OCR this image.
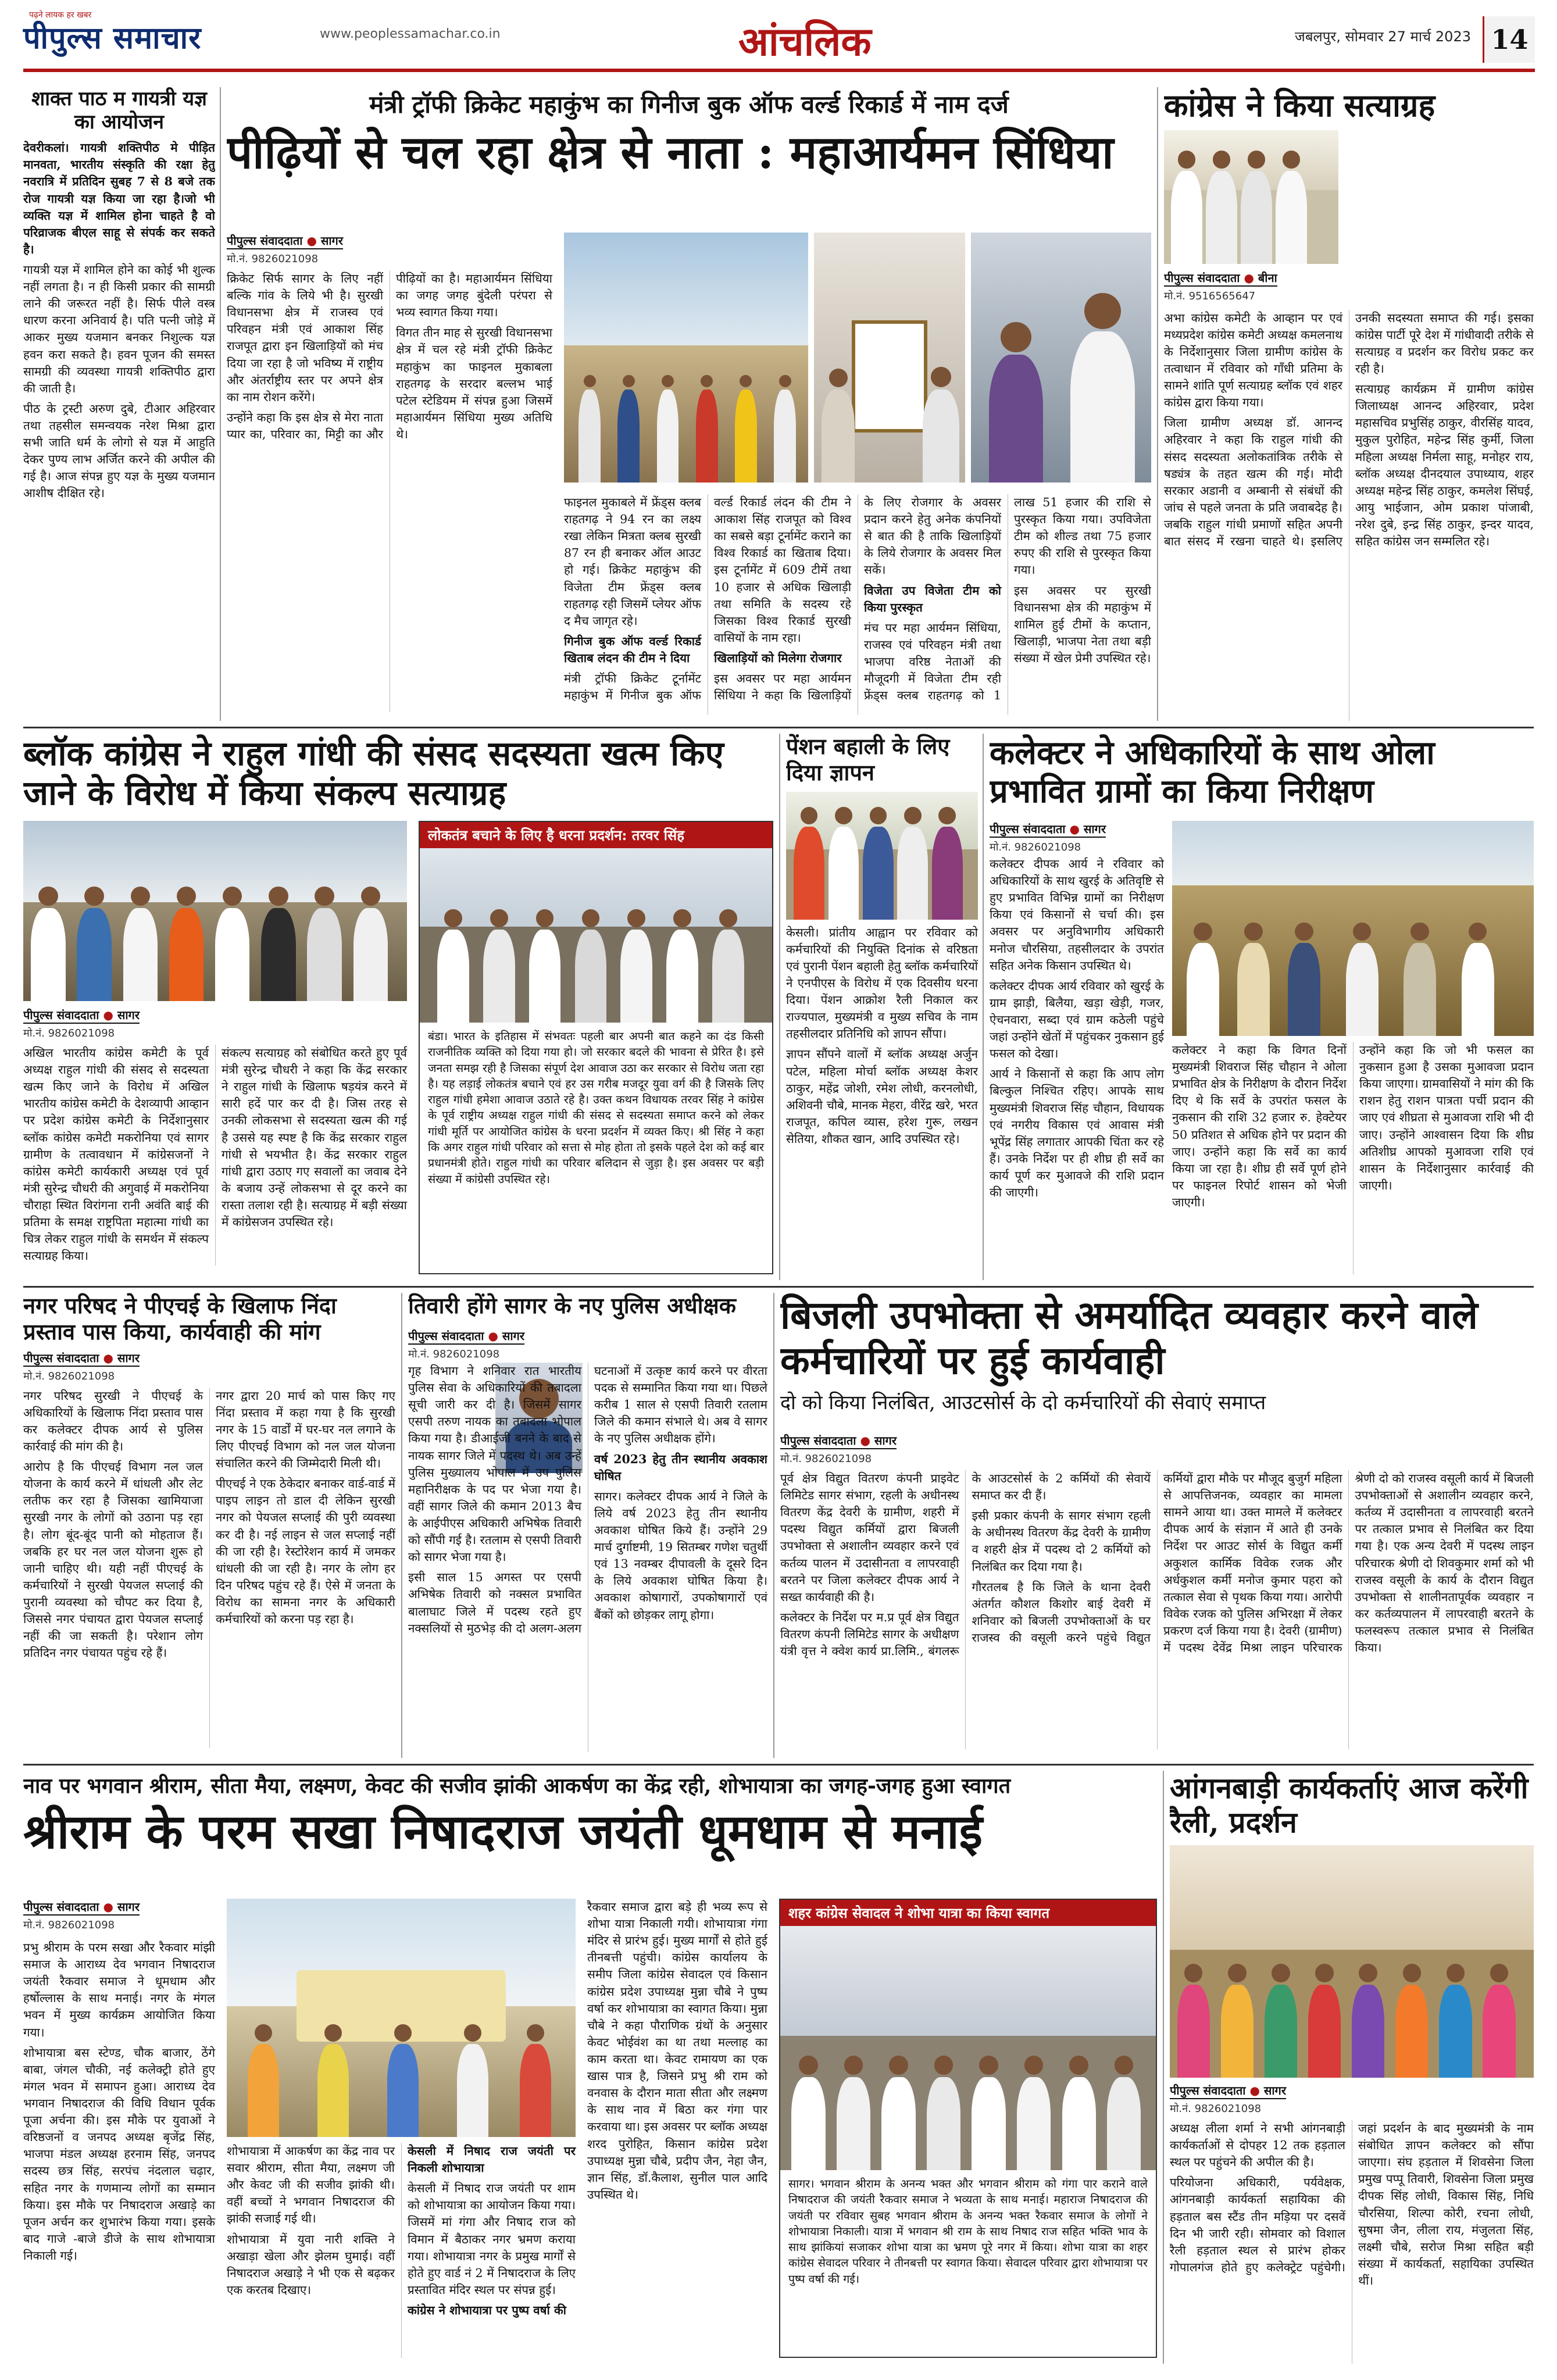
पढ़ने लायक हर खबर
पीपुल्स समाचार	www.peoplessamachar.co.in	आंचलिक	जबलपुर, सोमवार 27 मार्च 2023 14
शाक्त पाठ म गायत्री यज्ञ का आयोजन

देवरीकलां। गायत्री शक्तिपीठ मे पीड़ित मानवता, भारतीय संस्कृति की रक्षा हेतु नवरात्रि में प्रतिदिन सुबह 7 से 8 बजे तक रोज गायत्री यज्ञ किया जा रहा है।जो भी व्यक्ति यज्ञ में शामिल होना चाहते है वो परिव्राजक बीएल साहू से संपर्क कर सकते है।

गायत्री यज्ञ में शामिल होने का कोई भी शुल्क नहीं लगता है। न ही किसी प्रकार की सामग्री लाने की जरूरत नहीं है। सिर्फ पीले वस्त्र धारण करना अनिवार्य है। पति पत्नी जोड़े में आकर मुख्य यजमान बनकर निशुल्क यज्ञ हवन करा सकते है। हवन पूजन की समस्त सामग्री की व्यवस्था गायत्री शक्तिपीठ द्वारा की जाती है।

पीठ के ट्रस्टी अरुण दुबे, टीआर अहिरवार तथा तहसील समन्वयक नरेश मिश्रा द्वारा सभी जाति धर्म के लोगो से यज्ञ में आहुति देकर पुण्य लाभ अर्जित करने की अपील की गई है। आज संपन्न हुए यज्ञ के मुख्य यजमान आशीष दीक्षित रहे।

मंत्री ट्रॉफी क्रिकेट महाकुंभ का गिनीज बुक ऑफ वर्ल्ड रिकार्ड में नाम दर्ज
पीढ़ियों से चल रहा क्षेत्र से नाता : महाआर्यमन सिंधिया
पीपुल्स संवाददाता ● सागर
मो.नं. 9826021098

क्रिकेट सिर्फ सागर के लिए नहीं बल्कि गांव के लिये भी है। सुरखी विधानसभा क्षेत्र में राजस्व एवं परिवहन मंत्री एवं आकाश सिंह राजपूत द्वारा इन खिलाड़ियों को मंच दिया जा रहा है जो भविष्य में राष्ट्रीय और अंतर्राष्ट्रीय स्तर पर अपने क्षेत्र का नाम रोशन करेंगे।

उन्होंने कहा कि इस क्षेत्र से मेरा नाता प्यार का, परिवार का, मिट्टी का और पीढ़ियों का है। महाआर्यमन सिंधिया का जगह जगह बुंदेली परंपरा से भव्य स्वागत किया गया।

विगत तीन माह से सुरखी विधानसभा क्षेत्र में चल रहे मंत्री ट्रॉफी क्रिकेट महाकुंभ का फाइनल मुकाबला राहतगढ़ के सरदार बल्लभ भाई पटेल स्टेडियम में संपन्न हुआ जिसमें महाआर्यमन सिंधिया मुख्य अतिथि थे।

फाइनल मुकाबले में फ्रेंड्स क्लब राहतगढ़ ने 94 रन का लक्ष्य रखा लेकिन मित्रता क्लब सुरखी 87 रन ही बनाकर ऑल आउट हो गई। क्रिकेट महाकुंभ की विजेता टीम फ्रेंड्स क्लब राहतगढ़ रही जिसमें प्लेयर ऑफ द मैच जागृत रहे।

गिनीज बुक ऑफ वर्ल्ड रिकार्ड खिताब लंदन की टीम ने दिया

मंत्री ट्रॉफी क्रिकेट टूर्नामेंट महाकुंभ में गिनीज बुक ऑफ वर्ल्ड रिकार्ड लंदन की टीम ने आकाश सिंह राजपूत को विश्व का सबसे बड़ा टूर्नामेंट कराने का विश्व रिकार्ड का खिताब दिया। इस टूर्नामेंट में 609 टीमें तथा 10 हजार से अधिक खिलाड़ी तथा समिति के सदस्य रहे जिसका विश्व रिकार्ड सुरखी वासियों के नाम रहा।

खिलाड़ियों को मिलेगा रोजगार

इस अवसर पर महा आर्यमन सिंधिया ने कहा कि खिलाड़ियों के लिए रोजगार के अवसर प्रदान करने हेतु अनेक कंपनियों से बात की है ताकि खिलाड़ियों के लिये रोजगार के अवसर मिल सकें।

विजेता उप विजेता टीम को किया पुरस्कृत

मंच पर महा आर्यमन सिंधिया, राजस्व एवं परिवहन मंत्री तथा भाजपा वरिष्ठ नेताओं की मौजूदगी में विजेता टीम रही फ्रेंड्स क्लब राहतगढ़ को 1 लाख 51 हजार की राशि से पुरस्कृत किया गया। उपविजेता टीम को शील्ड तथा 75 हजार रुपए की राशि से पुरस्कृत किया गया।

इस अवसर पर सुरखी विधानसभा क्षेत्र की महाकुंभ में शामिल हुई टीमों के कप्तान, खिलाड़ी, भाजपा नेता तथा बड़ी संख्या में खेल प्रेमी उपस्थित रहे।

कांग्रेस ने किया सत्याग्रह
पीपुल्स संवाददाता ● बीना
मो.नं. 9516565647

अभा कांग्रेस कमेटी के आव्हान पर एवं मध्यप्रदेश कांग्रेस कमेटी अध्यक्ष कमलनाथ के निर्देशानुसार जिला ग्रामीण कांग्रेस के तत्वाधान में रविवार को गाँधी प्रतिमा के सामने शांति पूर्ण सत्याग्रह ब्लॉक एवं शहर कांग्रेस द्वारा किया गया।

जिला ग्रामीण अध्यक्ष डॉ. आनन्द अहिरवार ने कहा कि राहुल गांधी की संसद सदस्यता अलोकतांत्रिक तरीके से षड्यंत्र के तहत खत्म की गई। मोदी सरकार अडानी व अम्बानी से संबंधों की जांच से पहले जनता के प्रति जवाबदेह है। जबकि राहुल गांधी प्रमाणों सहित अपनी बात संसद में रखना चाहते थे। इसलिए उनकी सदस्यता समाप्त की गई। इसका कांग्रेस पार्टी पूरे देश में गांधीवादी तरीके से सत्याग्रह व प्रदर्शन कर विरोध प्रकट कर रही है।

सत्याग्रह कार्यक्रम में ग्रामीण कांग्रेस जिलाध्यक्ष आनन्द अहिरवार, प्रदेश महासचिव प्रभुसिंह ठाकुर, वीरसिंह यादव, मुकुल पुरोहित, महेन्द्र सिंह कुर्मी, जिला महिला अध्यक्ष निर्मला साहू, मनोहर राय, ब्लॉक अध्यक्ष दीनदयाल उपाध्याय, शहर अध्यक्ष महेन्द्र सिंह ठाकुर, कमलेश सिंघई, आयु भाईजान, ओम प्रकाश पांजाबी, नरेश दुबे, इन्द्र सिंह ठाकुर, इन्दर यादव, सहित कांग्रेस जन सम्मलित रहे।

ब्लॉक कांग्रेस ने राहुल गांधी की संसद सदस्यता खत्म किए जाने के विरोध में किया संकल्प सत्याग्रह
पीपुल्स संवाददाता ● सागर
मो.नं. 9826021098

अखिल भारतीय कांग्रेस कमेटी के पूर्व अध्यक्ष राहुल गांधी की संसद से सदस्यता खत्म किए जाने के विरोध में अखिल भारतीय कांग्रेस कमेटी के देशव्यापी आव्हान पर प्रदेश कांग्रेस कमेटी के निर्देशानुसार ब्लॉक कांग्रेस कमेटी मकरोनिया एवं सागर ग्रामीण के तत्वावधान में कांग्रेसजनों ने कांग्रेस कमेटी कार्यकारी अध्यक्ष एवं पूर्व मंत्री सुरेन्द्र चौधरी की अगुवाई में मकरोनिया चौराहा स्थित विरांगना रानी अवंति बाई की प्रतिमा के समक्ष राष्ट्रपिता महात्मा गांधी का चित्र लेकर राहुल गांधी के समर्थन में संकल्प सत्याग्रह किया।

संकल्प सत्याग्रह को संबोधित करते हुए पूर्व मंत्री सुरेन्द्र चौधरी ने कहा कि केंद्र सरकार ने राहुल गांधी के खिलाफ षड़यंत्र करने में सारी हदें पार कर दी है। जिस तरह से उनकी लोकसभा से सदस्यता खत्म की गई है उससे यह स्पष्ट है कि केंद्र सरकार राहुल गांधी से भयभीत है। केंद्र सरकार राहुल गांधी द्वारा उठाए गए सवालों का जवाब देने के बजाय उन्हें लोकसभा से दूर करने का रास्ता तलाश रही है। सत्याग्रह में बड़ी संख्या में कांग्रेसजन उपस्थित रहे।

लोकतंत्र बचाने के लिए है धरना प्रदर्शन: तरवर सिंह
बंडा। भारत के इतिहास में संभवतः पहली बार अपनी बात कहने का दंड किसी राजनीतिक व्यक्ति को दिया गया हो। जो सरकार बदले की भावना से प्रेरित है। इसे जनता समझ रही है जिसका संपूर्ण देश आवाज उठा कर सरकार से विरोध जता रहा है। यह लड़ाई लोकतंत्र बचाने एवं हर उस गरीब मजदूर युवा वर्ग की है जिसके लिए राहुल गांधी हमेशा आवाज उठाते रहे है। उक्त कथन विधायक तरवर सिंह ने कांग्रेस के पूर्व राष्ट्रीय अध्यक्ष राहुल गांधी की संसद से सदस्यता समाप्त करने को लेकर गांधी मूर्ति पर आयोजित कांग्रेस के धरना प्रदर्शन में व्यक्त किए। श्री सिंह ने कहा कि अगर राहुल गांधी परिवार को सत्ता से मोह होता तो इसके पहले देश को कई बार प्रधानमंत्री होते। राहुल गांधी का परिवार बलिदान से जुड़ा है। इस अवसर पर बड़ी संख्या में कांग्रेसी उपस्थित रहे।
पेंशन बहाली के लिए दिया ज्ञापन

केसली। प्रांतीय आह्वान पर रविवार को कर्मचारियों की नियुक्ति दिनांक से वरिष्ठता एवं पुरानी पेंशन बहाली हेतु ब्लॉक कर्मचारियों ने एनपीएस के विरोध में एक दिवसीय धरना दिया। पेंशन आक्रोश रैली निकाल कर राज्यपाल, मुख्यमंत्री व मुख्य सचिव के नाम तहसीलदार प्रतिनिधि को ज्ञापन सौंपा।

ज्ञापन सौंपने वालों में ब्लॉक अध्यक्ष अर्जुन पटेल, महिला मोर्चा ब्लॉक अध्यक्ष केशर ठाकुर, महेंद्र जोशी, रमेश लोधी, करनलोधी, अशिवनी चौबे, मानक मेहरा, वीरेंद्र खरे, भरत राजपूत, कपिल व्यास, हरेश गुरू, लखन सेतिया, शौकत खान, आदि उपस्थित रहे।

कलेक्टर ने अधिकारियों के साथ ओला प्रभावित ग्रामों का किया निरीक्षण
पीपुल्स संवाददाता ● सागर
मो.नं. 9826021098

कलेक्टर दीपक आर्य ने रविवार को अधिकारियों के साथ खुरई के अतिवृष्टि से हुए प्रभावित विभिन्न ग्रामों का निरीक्षण किया एवं किसानों से चर्चा की। इस अवसर पर अनुविभागीय अधिकारी मनोज चौरसिया, तहसीलदार के उपरांत सहित अनेक किसान उपस्थित थे।

कलेक्टर दीपक आर्य रविवार को खुरई के ग्राम झाड़ी, बिलैया, खड़ा खेड़ी, गजर, ऐचनवारा, सब्दा एवं ग्राम कठेली पहुंचे जहां उन्होंने खेतों में पहुंचकर नुकसान हुई फसल को देखा।

आर्य ने किसानों से कहा कि आप लोग बिल्कुल निश्चित रहिए। आपके साथ मुख्यमंत्री शिवराज सिंह चौहान, विधायक एवं नगरीय विकास एवं आवास मंत्री भूपेंद्र सिंह लगातार आपकी चिंता कर रहे हैं। उनके निर्देश पर ही शीघ्र ही सर्वे का कार्य पूर्ण कर मुआवजे की राशि प्रदान की जाएगी।

कलेक्टर ने कहा कि विगत दिनों मुख्यमंत्री शिवराज सिंह चौहान ने ओला प्रभावित क्षेत्र के निरीक्षण के दौरान निर्देश दिए थे कि सर्वे के उपरांत फसल के नुकसान की राशि 32 हजार रु. हेक्टेयर 50 प्रतिशत से अधिक होने पर प्रदान की जाए। उन्होंने कहा कि सर्वे का कार्य किया जा रहा है। शीघ्र ही सर्वे पूर्ण होने पर फाइनल रिपोर्ट शासन को भेजी जाएगी।

उन्होंने कहा कि जो भी फसल का नुकसान हुआ है उसका मुआवजा प्रदान किया जाएगा। ग्रामवासियों ने मांग की कि राशन हेतु राशन पात्रता पर्ची प्रदान की जाए एवं शीघ्रता से मुआवजा राशि भी दी जाए। उन्होंने आश्वासन दिया कि शीघ्र अतिशीघ्र आपको मुआवजा राशि एवं शासन के निर्देशानुसार कार्रवाई की जाएगी।

नगर परिषद ने पीएचई के खिलाफ निंदा प्रस्ताव पास किया, कार्यवाही की मांग
पीपुल्स संवाददाता ● सागर
मो.नं. 9826021098

नगर परिषद सुरखी ने पीएचई के अधिकारियों के खिलाफ निंदा प्रस्ताव पास कर कलेक्टर दीपक आर्य से पुलिस कार्रवाई की मांग की है।

आरोप है कि पीएचई विभाग नल जल योजना के कार्य करने में धांधली और लेट लतीफ कर रहा है जिसका खामियाजा सुरखी नगर के लोगों को उठाना पड़ रहा है। लोग बूंद-बूंद पानी को मोहताज हैं। जबकि हर घर नल जल योजना शुरू हो जानी चाहिए थी। यही नहीं पीएचई के कर्मचारियों ने सुरखी पेयजल सप्लाई की पुरानी व्यवस्था को चौपट कर दिया है, जिससे नगर पंचायत द्वारा पेयजल सप्लाई नहीं की जा सकती है। परेशान लोग प्रतिदिन नगर पंचायत पहुंच रहे हैं।

नगर द्वारा 20 मार्च को पास किए गए निंदा प्रस्ताव में कहा गया है कि सुरखी नगर के 15 वार्डों में घर-घर नल लगाने के लिए पीएचई विभाग को नल जल योजना संचालित करने की जिम्मेदारी मिली थी।

पीएचई ने एक ठेकेदार बनाकर वार्ड-वार्ड में पाइप लाइन तो डाल दी लेकिन सुरखी नगर को पेयजल सप्लाई की पुरी व्यवस्था कर दी है। नई लाइन से जल सप्लाई नहीं की जा रही है। रेस्टोरेशन कार्य में जमकर धांधली की जा रही है। नगर के लोग हर दिन परिषद पहुंच रहे हैं। ऐसे में जनता के विरोध का सामना नगर के अधिकारी कर्मचारियों को करना पड़ रहा है।

तिवारी होंगे सागर के नए पुलिस अधीक्षक
पीपुल्स संवाददाता ● सागर
मो.नं. 9826021098

गृह विभाग ने शनिवार रात भारतीय पुलिस सेवा के अधिकारियों की तबादला सूची जारी कर दी है। जिसमें सागर एसपी तरुण नायक का तबादला भोपाल किया गया है। डीआईजी बनने के बाद से नायक सागर जिले में पदस्थ थे। अब उन्हें पुलिस मुख्यालय भोपाल में उप पुलिस महानिरीक्षक के पद पर भेजा गया है। वहीं सागर जिले की कमान 2013 बैच के आईपीएस अधिकारी अभिषेक तिवारी को सौंपी गई है। रतलाम से एसपी तिवारी को सागर भेजा गया है।

इसी साल 15 अगस्त पर एसपी अभिषेक तिवारी को नक्सल प्रभावित बालाघाट जिले में पदस्थ रहते हुए नक्सलियों से मुठभेड़ की दो अलग-अलग घटनाओं में उत्कृष्ट कार्य करने पर वीरता पदक से सम्मानित किया गया था। पिछले करीब 1 साल से एसपी तिवारी रतलाम जिले की कमान संभाले थे। अब वे सागर के नए पुलिस अधीक्षक होंगे।

वर्ष 2023 हेतु तीन स्थानीय अवकाश घोषित

सागर। कलेक्टर दीपक आर्य ने जिले के लिये वर्ष 2023 हेतु तीन स्थानीय अवकाश घोषित किये हैं। उन्होंने 29 मार्च दुर्गाष्टमी, 19 सितम्बर गणेश चतुर्थी एवं 13 नवम्बर दीपावली के दूसरे दिन के लिये अवकाश घोषित किया है। अवकाश कोषागारों, उपकोषागारों एवं बैंकों को छोड़कर लागू होगा।

बिजली उपभोक्ता से अमर्यादित व्यवहार करने वाले कर्मचारियों पर हुई कार्यवाही
दो को किया निलंबित, आउटसोर्स के दो कर्मचारियों की सेवाएं समाप्त
पीपुल्स संवाददाता ● सागर
मो.नं. 9826021098

पूर्व क्षेत्र विद्युत वितरण कंपनी प्राइवेट लिमिटेड सागर संभाग, रहली के अधीनस्थ वितरण केंद्र देवरी के ग्रामीण, शहरी में पदस्थ विद्युत कर्मियों द्वारा बिजली उपभोक्ता से अशालीन व्यवहार करने एवं कर्तव्य पालन में उदासीनता व लापरवाही बरतने पर जिला कलेक्टर दीपक आर्य ने सख्त कार्यवाही की है।

कलेक्टर के निर्देश पर म.प्र पूर्व क्षेत्र विद्युत वितरण कंपनी लिमिटेड सागर के अधीक्षण यंत्री वृत्त ने क्वेश कार्य प्रा.लिमि., बंगलरू के आउटसोर्स के 2 कर्मियों की सेवायें समाप्त कर दी हैं।

इसी प्रकार कंपनी के सागर संभाग रहली के अधीनस्थ वितरण केंद्र देवरी के ग्रामीण व शहरी क्षेत्र में पदस्थ दो 2 कर्मियों को निलंबित कर दिया गया है।

गौरतलब है कि जिले के थाना देवरी अंतर्गत कौशल किशोर बाई देवरी में शनिवार को बिजली उपभोक्ताओं के घर राजस्व की वसूली करने पहुंचे विद्युत कर्मियों द्वारा मौके पर मौजूद बुजुर्ग महिला से आपत्तिजनक, व्यवहार का मामला सामने आया था। उक्त मामले में कलेक्टर दीपक आर्य के संज्ञान में आते ही उनके निर्देश पर आउट सोर्स के विद्युत कर्मी अकुशल कार्मिक विवेक रजक और अर्धकुशल कर्मी मनोज कुमार पहरा को तत्काल सेवा से पृथक किया गया। आरोपी विवेक रजक को पुलिस अभिरक्षा में लेकर प्रकरण दर्ज किया गया है। देवरी (ग्रामीण) में पदस्थ देवेंद्र मिश्रा लाइन परिचारक श्रेणी दो को राजस्व वसूली कार्य में बिजली उपभोक्ताओं से अशालीन व्यवहार करने, कर्तव्य में उदासीनता व लापरवाही बरतने पर तत्काल प्रभाव से निलंबित कर दिया गया है। एक अन्य देवरी में पदस्थ लाइन परिचारक श्रेणी दो शिवकुमार शर्मा को भी राजस्व वसूली के कार्य के दौरान विद्युत उपभोक्ता से शालीनतापूर्वक व्यवहार न कर कर्तव्यपालन में लापरवाही बरतने के फलस्वरूप तत्काल प्रभाव से निलंबित किया।

नाव पर भगवान श्रीराम, सीता मैया, लक्ष्मण, केवट की सजीव झांकी आकर्षण का केंद्र रही, शोभायात्रा का जगह-जगह हुआ स्वागत
श्रीराम के परम सखा निषादराज जयंती धूमधाम से मनाई
पीपुल्स संवाददाता ● सागर
मो.नं. 9826021098

प्रभु श्रीराम के परम सखा और रैकवार मांझी समाज के आराध्य देव भगवान निषादराज जयंती रैकवार समाज ने धूमधाम और हर्षोल्लास के साथ मनाई। नगर के मंगल भवन में मुख्य कार्यक्रम आयोजित किया गया।

शोभायात्रा बस स्टेण्ड, चौक बाजार, ठेंगे बाबा, जंगल चौकी, नई कलेक्ट्री होते हुए मंगल भवन में समापन हुआ। आराध्य देव भगवान निषादराज की विधि विधान पूर्वक पूजा अर्चना की। इस मौके पर युवाओं ने वरिष्ठजनों व जनपद अध्यक्ष बृजेंद्र सिंह, भाजपा मंडल अध्यक्ष हरनाम सिंह, जनपद सदस्य छत्र सिंह, सरपंच नंदलाल चढ़ार, सहित नगर के गणमान्य लोगों का सम्मान किया। इस मौके पर निषादराज अखाड़े का पूजन अर्चन कर शुभारंभ किया गया। इसके बाद गाजे -बाजे डीजे के साथ शोभायात्रा निकाली गई।

शोभायात्रा में आकर्षण का केंद्र नाव पर सवार श्रीराम, सीता मैया, लक्ष्मण जी और केवट जी की सजीव झांकी थी। वहीं बच्चों ने भगवान निषादराज की झांकी सजाई गई थी।

शोभायात्रा में युवा नारी शक्ति ने अखाड़ा खेला और झेलम घुमाई। वहीं निषादराज अखाड़े ने भी एक से बढ़कर एक करतब दिखाए।

केसली में निषाद राज जयंती पर निकली शोभायात्रा

केसली में निषाद राज जयंती पर शाम को शोभायात्रा का आयोजन किया गया। जिसमें मां गंगा और निषाद राज को विमान में बैठाकर नगर भ्रमण कराया गया। शोभायात्रा नगर के प्रमुख मार्गों से होते हुए वार्ड नं 2 में निषादराज के लिए प्रस्तावित मंदिर स्थल पर संपन्न हुई।

कांग्रेस ने शोभायात्रा पर पुष्प वर्षा की

रैकवार समाज द्वारा बड़े ही भव्य रूप से शोभा यात्रा निकाली गयी। शोभायात्रा गंगा मंदिर से प्रारंभ हुई। मुख्य मार्गों से होते हुई तीनबत्ती पहुंची। कांग्रेस कार्यालय के समीप जिला कांग्रेस सेवादल एवं किसान कांग्रेस प्रदेश उपाध्यक्ष मुन्ना चौबे ने पुष्प वर्षा कर शोभायात्रा का स्वागत किया। मुन्ना चौबे ने कहा पौराणिक ग्रंथों के अनुसार केवट भोईवंश का था तथा मल्लाह का काम करता था। केवट रामायण का एक खास पात्र है, जिसने प्रभु श्री राम को वनवास के दौरान माता सीता और लक्ष्मण के साथ नाव में बिठा कर गंगा पार करवाया था। इस अवसर पर ब्लॉक अध्यक्ष शरद पुरोहित, किसान कांग्रेस प्रदेश उपाध्यक्ष मुन्ना चौबे, प्रदीप जैन, नेहा जैन, ज्ञान सिंह, डॉ.कैलाश, सुनील पाल आदि उपस्थित थे।

शहर कांग्रेस सेवादल ने शोभा यात्रा का किया स्वागत
सागर। भगवान श्रीराम के अनन्य भक्त और भगवान श्रीराम को गंगा पार कराने वाले निषादराज की जयंती रैकवार समाज ने भव्यता के साथ मनाई। महाराज निषादराज की जयंती पर रविवार सुबह भगवान श्रीराम के अनन्य भक्त रैकवार समाज के लोगों ने शोभायात्रा निकाली। यात्रा में भगवान श्री राम के साथ निषाद राज सहित भक्ति भाव के साथ झांकियां सजाकर शोभा यात्रा का भ्रमण पूरे नगर में किया। शोभा यात्रा का शहर कांग्रेस सेवादल परिवार ने तीनबत्ती पर स्वागत किया। सेवादल परिवार द्वारा शोभायात्रा पर पुष्प वर्षा की गई।
आंगनबाड़ी कार्यकर्ताएं आज करेंगी रैली, प्रदर्शन
पीपुल्स संवाददाता ● सागर
मो.नं. 9826021098

अध्यक्ष लीला शर्मा ने सभी आंगनबाड़ी कार्यकर्ताओं से दोपहर 12 तक हड़ताल स्थल पर पहुंचने की अपील की है।

परियोजना अधिकारी, पर्यवेक्षक, आंगनबाड़ी कार्यकर्ता सहायिका की हड़ताल बस स्टैंड तीन मड़िया पर दसवें दिन भी जारी रही। सोमवार को विशाल रैली हड़ताल स्थल से प्रारंभ होकर गोपालगंज होते हुए कलेक्ट्रेट पहुंचेगी। जहां प्रदर्शन के बाद मुख्यमंत्री के नाम संबोधित ज्ञापन कलेक्टर को सौंपा जाएगा। संघ हड़ताल में शिवसेना जिला प्रमुख पप्पू तिवारी, शिवसेना जिला प्रमुख दीपक सिंह लोधी, विकास सिंह, निधि चौरसिया, शिल्पा कोरी, रचना लोधी, सुषमा जैन, लीला राय, मंजुलता सिंह, लक्ष्मी चौबे, सरोज मिश्रा सहित बड़ी संख्या में कार्यकर्ता, सहायिका उपस्थित थीं।
